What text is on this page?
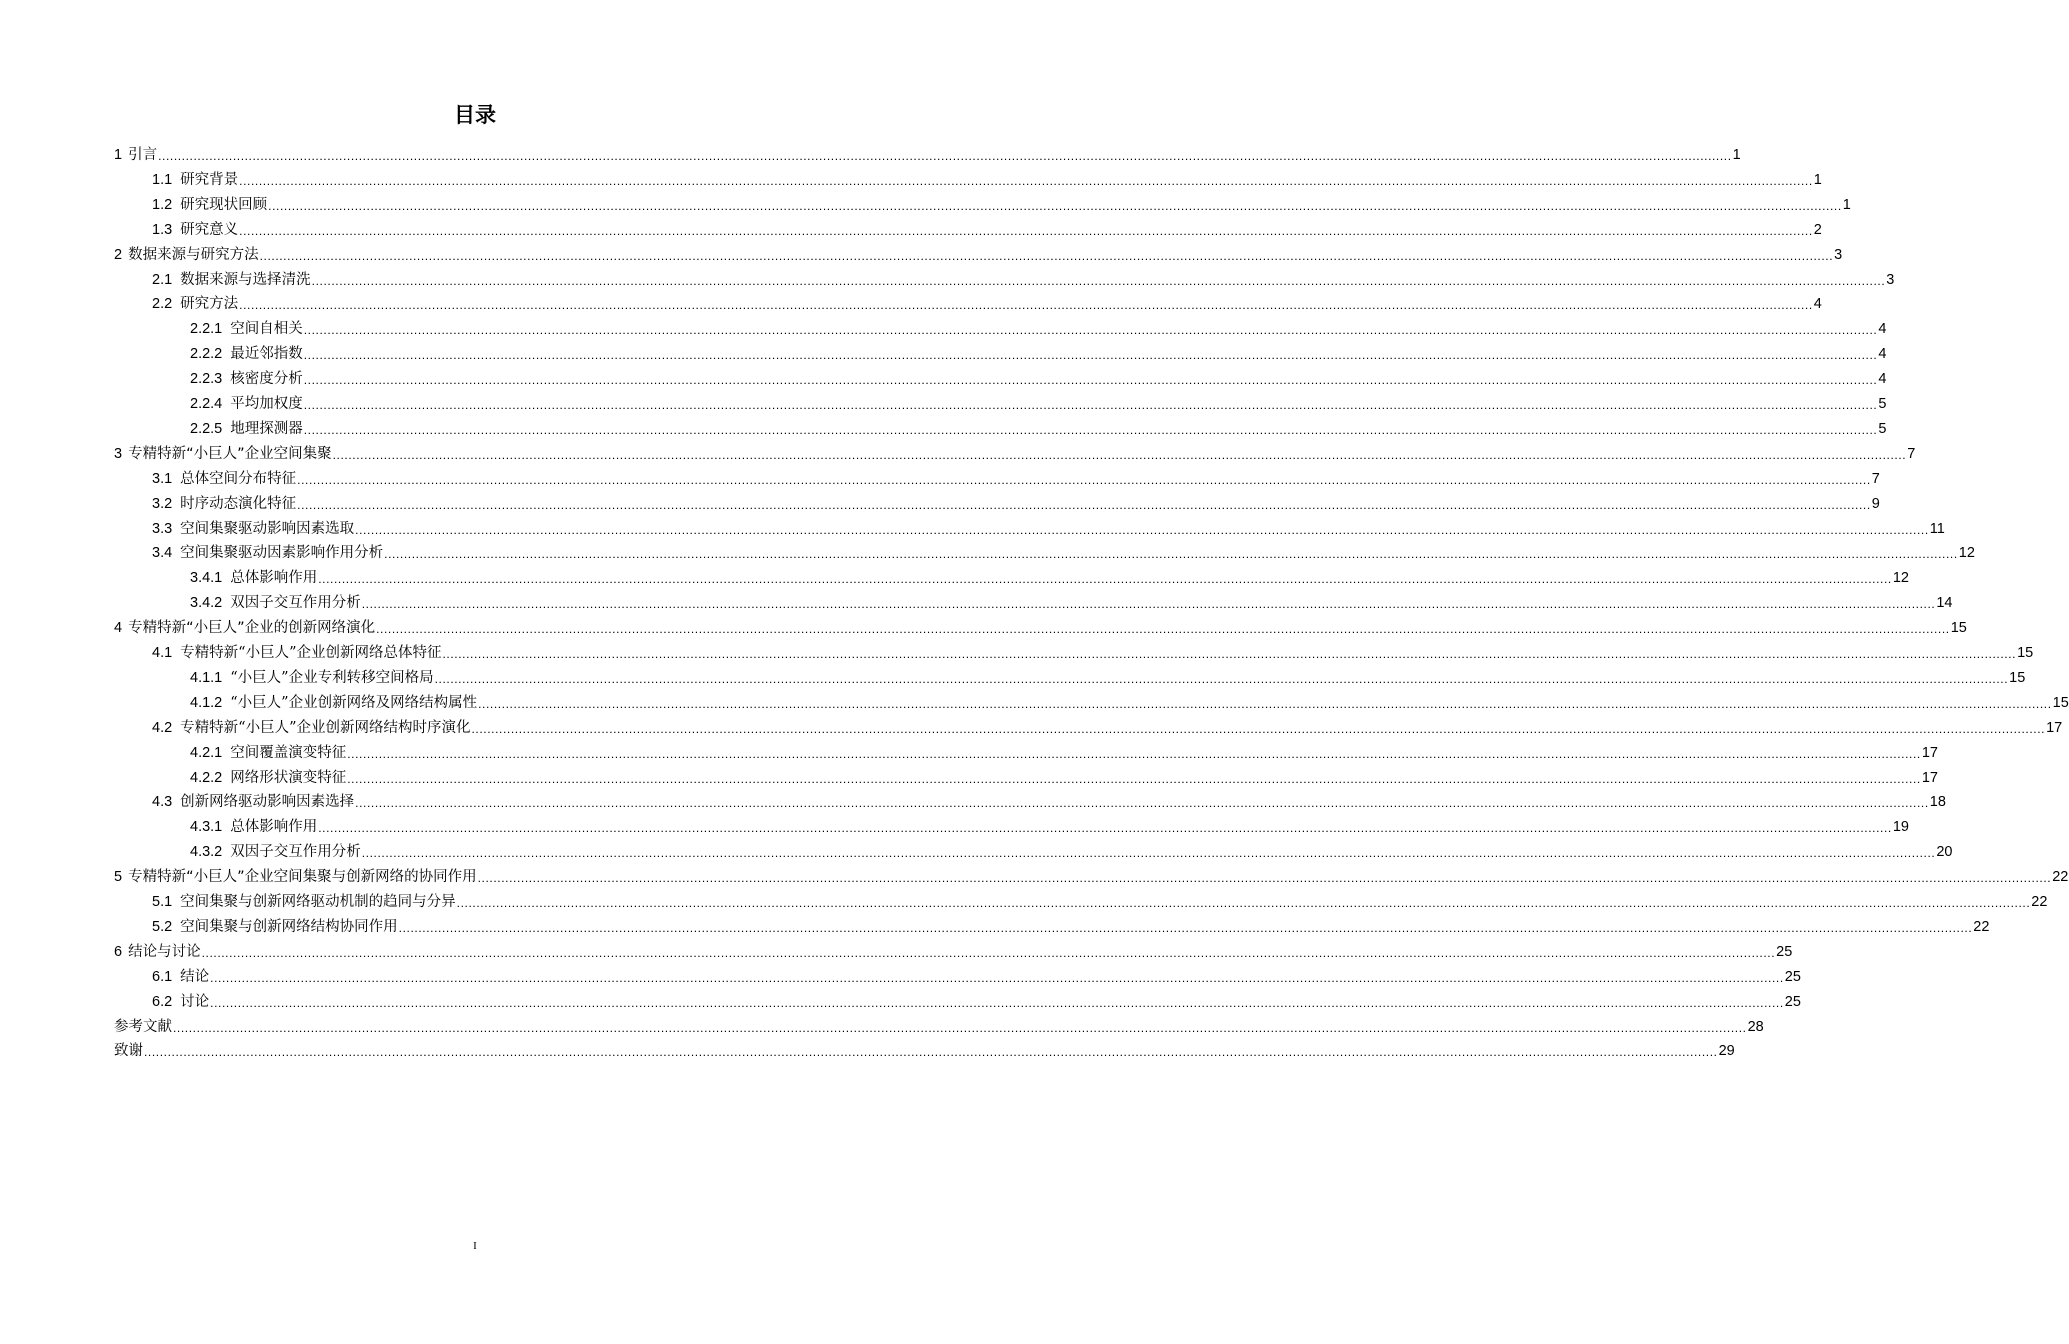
目录
1 引言 ................................................................................................................................................................................................................................................................................................................................................................................................................ 1
1.1 研究背景 ................................................................................................................................................................................................................................................................................................................................................................................................................ 1
1.2 研究现状回顾 ................................................................................................................................................................................................................................................................................................................................................................................................................ 1
1.3 研究意义 ................................................................................................................................................................................................................................................................................................................................................................................................................ 2
2 数据来源与研究方法 ................................................................................................................................................................................................................................................................................................................................................................................................................ 3
2.1 数据来源与选择清洗 ................................................................................................................................................................................................................................................................................................................................................................................................................ 3
2.2 研究方法 ................................................................................................................................................................................................................................................................................................................................................................................................................ 4
2.2.1 空间自相关 ................................................................................................................................................................................................................................................................................................................................................................................................................ 4
2.2.2 最近邻指数 ................................................................................................................................................................................................................................................................................................................................................................................................................ 4
2.2.3 核密度分析 ................................................................................................................................................................................................................................................................................................................................................................................................................ 4
2.2.4 平均加权度 ................................................................................................................................................................................................................................................................................................................................................................................................................ 5
2.2.5 地理探测器 ................................................................................................................................................................................................................................................................................................................................................................................................................ 5
3 专精特新“小巨人”企业空间集聚 ................................................................................................................................................................................................................................................................................................................................................................................................................ 7
3.1 总体空间分布特征 ................................................................................................................................................................................................................................................................................................................................................................................................................ 7
3.2 时序动态演化特征 ................................................................................................................................................................................................................................................................................................................................................................................................................ 9
3.3 空间集聚驱动影响因素选取 ................................................................................................................................................................................................................................................................................................................................................................................................................ 11
3.4 空间集聚驱动因素影响作用分析 ................................................................................................................................................................................................................................................................................................................................................................................................................ 12
3.4.1 总体影响作用 ................................................................................................................................................................................................................................................................................................................................................................................................................ 12
3.4.2 双因子交互作用分析 ................................................................................................................................................................................................................................................................................................................................................................................................................ 14
4 专精特新“小巨人”企业的创新网络演化 ................................................................................................................................................................................................................................................................................................................................................................................................................ 15
4.1 专精特新“小巨人”企业创新网络总体特征 ................................................................................................................................................................................................................................................................................................................................................................................................................ 15
4.1.1 “小巨人”企业专利转移空间格局 ................................................................................................................................................................................................................................................................................................................................................................................................................ 15
4.1.2 “小巨人”企业创新网络及网络结构属性 ................................................................................................................................................................................................................................................................................................................................................................................................................ 15
4.2 专精特新“小巨人”企业创新网络结构时序演化 ................................................................................................................................................................................................................................................................................................................................................................................................................ 17
4.2.1 空间覆盖演变特征 ................................................................................................................................................................................................................................................................................................................................................................................................................ 17
4.2.2 网络形状演变特征 ................................................................................................................................................................................................................................................................................................................................................................................................................ 17
4.3 创新网络驱动影响因素选择 ................................................................................................................................................................................................................................................................................................................................................................................................................ 18
4.3.1 总体影响作用 ................................................................................................................................................................................................................................................................................................................................................................................................................ 19
4.3.2 双因子交互作用分析 ................................................................................................................................................................................................................................................................................................................................................................................................................ 20
5 专精特新“小巨人”企业空间集聚与创新网络的协同作用 ................................................................................................................................................................................................................................................................................................................................................................................................................ 22
5.1 空间集聚与创新网络驱动机制的趋同与分异 ................................................................................................................................................................................................................................................................................................................................................................................................................ 22
5.2 空间集聚与创新网络结构协同作用 ................................................................................................................................................................................................................................................................................................................................................................................................................ 22
6 结论与讨论 ................................................................................................................................................................................................................................................................................................................................................................................................................ 25
6.1 结论 ................................................................................................................................................................................................................................................................................................................................................................................................................ 25
6.2 讨论 ................................................................................................................................................................................................................................................................................................................................................................................................................ 25
参考文献 ................................................................................................................................................................................................................................................................................................................................................................................................................ 28
致谢 ................................................................................................................................................................................................................................................................................................................................................................................................................ 29
I
